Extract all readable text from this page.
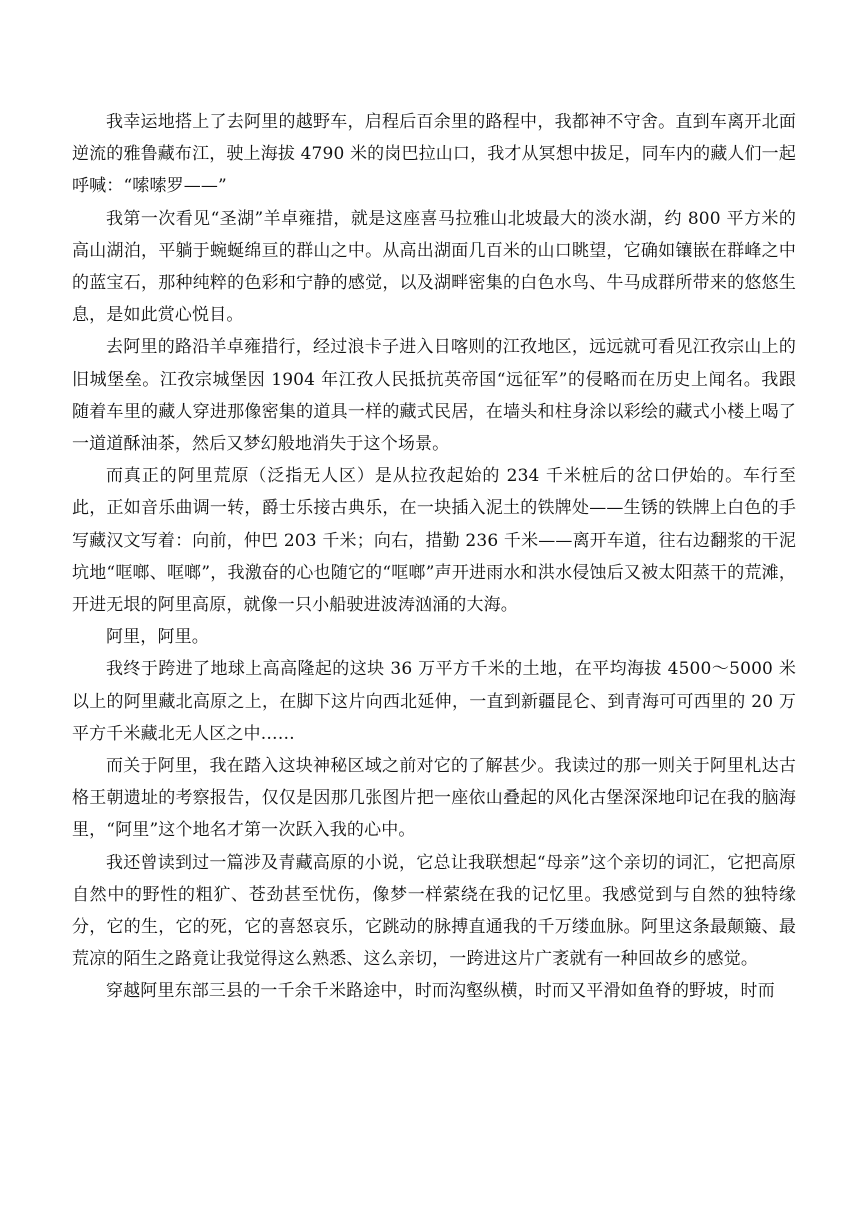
我幸运地搭上了去阿里的越野车，启程后百余里的路程中，我都神不守舍。直到车离开北面逆流的雅鲁藏布江，驶上海拔 4790 米的岗巴拉山口，我才从冥想中拔足，同车内的藏人们一起呼喊：“嗦嗦罗——”

我第一次看见“圣湖”羊卓雍措，就是这座喜马拉雅山北坡最大的淡水湖，约 800 平方米的高山湖泊，平躺于蜿蜒绵亘的群山之中。从高出湖面几百米的山口眺望，它确如镶嵌在群峰之中的蓝宝石，那种纯粹的色彩和宁静的感觉，以及湖畔密集的白色水鸟、牛马成群所带来的悠悠生息，是如此赏心悦目。

去阿里的路沿羊卓雍措行，经过浪卡子进入日喀则的江孜地区，远远就可看见江孜宗山上的旧城堡垒。江孜宗城堡因 1904 年江孜人民抵抗英帝国“远征军”的侵略而在历史上闻名。我跟随着车里的藏人穿进那像密集的道具一样的藏式民居，在墙头和柱身涂以彩绘的藏式小楼上喝了一道道酥油茶，然后又梦幻般地消失于这个场景。

而真正的阿里荒原（泛指无人区）是从拉孜起始的 234 千米桩后的岔口伊始的。车行至此，正如音乐曲调一转，爵士乐接古典乐，在一块插入泥土的铁牌处——生锈的铁牌上白色的手写藏汉文写着：向前，仲巴 203 千米；向右，措勤 236 千米——离开车道，往右边翻浆的干泥坑地“哐啷、哐啷”，我激奋的心也随它的“哐啷”声开进雨水和洪水侵蚀后又被太阳蒸干的荒滩，开进无垠的阿里高原，就像一只小船驶进波涛汹涌的大海。

阿里，阿里。

我终于跨进了地球上高高隆起的这块 36 万平方千米的土地，在平均海拔 4500～5000 米以上的阿里藏北高原之上，在脚下这片向西北延伸，一直到新疆昆仑、到青海可可西里的 20 万平方千米藏北无人区之中……

而关于阿里，我在踏入这块神秘区域之前对它的了解甚少。我读过的那一则关于阿里札达古格王朝遗址的考察报告，仅仅是因那几张图片把一座依山叠起的风化古堡深深地印记在我的脑海里，“阿里”这个地名才第一次跃入我的心中。

我还曾读到过一篇涉及青藏高原的小说，它总让我联想起“母亲”这个亲切的词汇，它把高原自然中的野性的粗犷、苍劲甚至忧伤，像梦一样萦绕在我的记忆里。我感觉到与自然的独特缘分，它的生，它的死，它的喜怒哀乐，它跳动的脉搏直通我的千万缕血脉。阿里这条最颠簸、最荒凉的陌生之路竟让我觉得这么熟悉、这么亲切，一跨进这片广袤就有一种回故乡的感觉。

穿越阿里东部三县的一千余千米路途中，时而沟壑纵横，时而又平滑如鱼脊的野坡，时而
